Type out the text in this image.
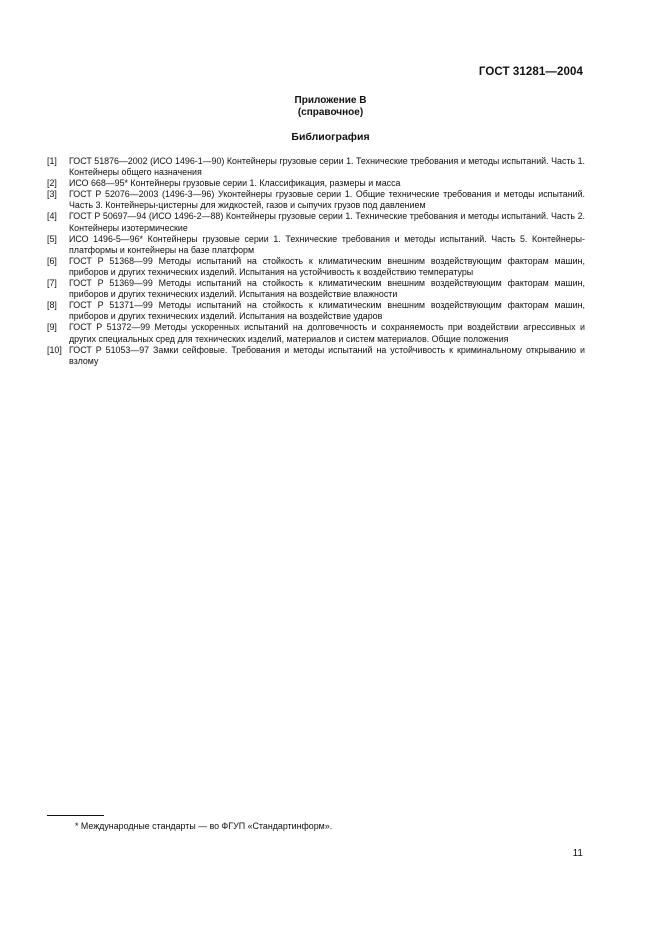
ГОСТ 31281—2004
Приложение В
(справочное)
Библиография
[1]	ГОСТ 51876—2002 (ИСО 1496-1—90) Контейнеры грузовые серии 1. Технические требования и методы испытаний. Часть 1. Контейнеры общего назначения
[2]	ИСО 668—95* Контейнеры грузовые серии 1. Классификация, размеры и масса
[3]	ГОСТ Р 52076—2003 (1496-3—96) Уконтейнеры грузовые серии 1. Общие технические требования и методы испытаний. Часть 3. Контейнеры-цистерны для жидкостей, газов и сыпучих грузов под давлением
[4]	ГОСТ Р 50697—94 (ИСО 1496-2—88) Контейнеры грузовые серии 1. Технические требования и методы испытаний. Часть 2. Контейнеры изотермические
[5]	ИСО 1496-5—96* Контейнеры грузовые серии 1. Технические требования и методы испытаний. Часть 5. Контейнеры-платформы и контейнеры на базе платформ
[6]	ГОСТ Р 51368—99 Методы испытаний на стойкость к климатическим внешним воздействующим факторам машин, приборов и других технических изделий. Испытания на устойчивость к воздействию температуры
[7]	ГОСТ Р 51369—99 Методы испытаний на стойкость к климатическим внешним воздействующим факторам машин, приборов и других технических изделий. Испытания на воздействие влажности
[8]	ГОСТ Р 51371—99 Методы испытаний на стойкость к климатическим внешним воздействующим факторам машин, приборов и других технических изделий. Испытания на воздействие ударов
[9]	ГОСТ Р 51372—99 Методы ускоренных испытаний на долговечность и сохраняемость при воздействии агрессивных и других специальных сред для технических изделий, материалов и систем материалов. Общие положения
[10] ГОСТ Р 51053—97 Замки сейфовые. Требования и методы испытаний на устойчивость к криминальному открыванию и взлому
* Международные стандарты — во ФГУП «Стандартинформ».
11
